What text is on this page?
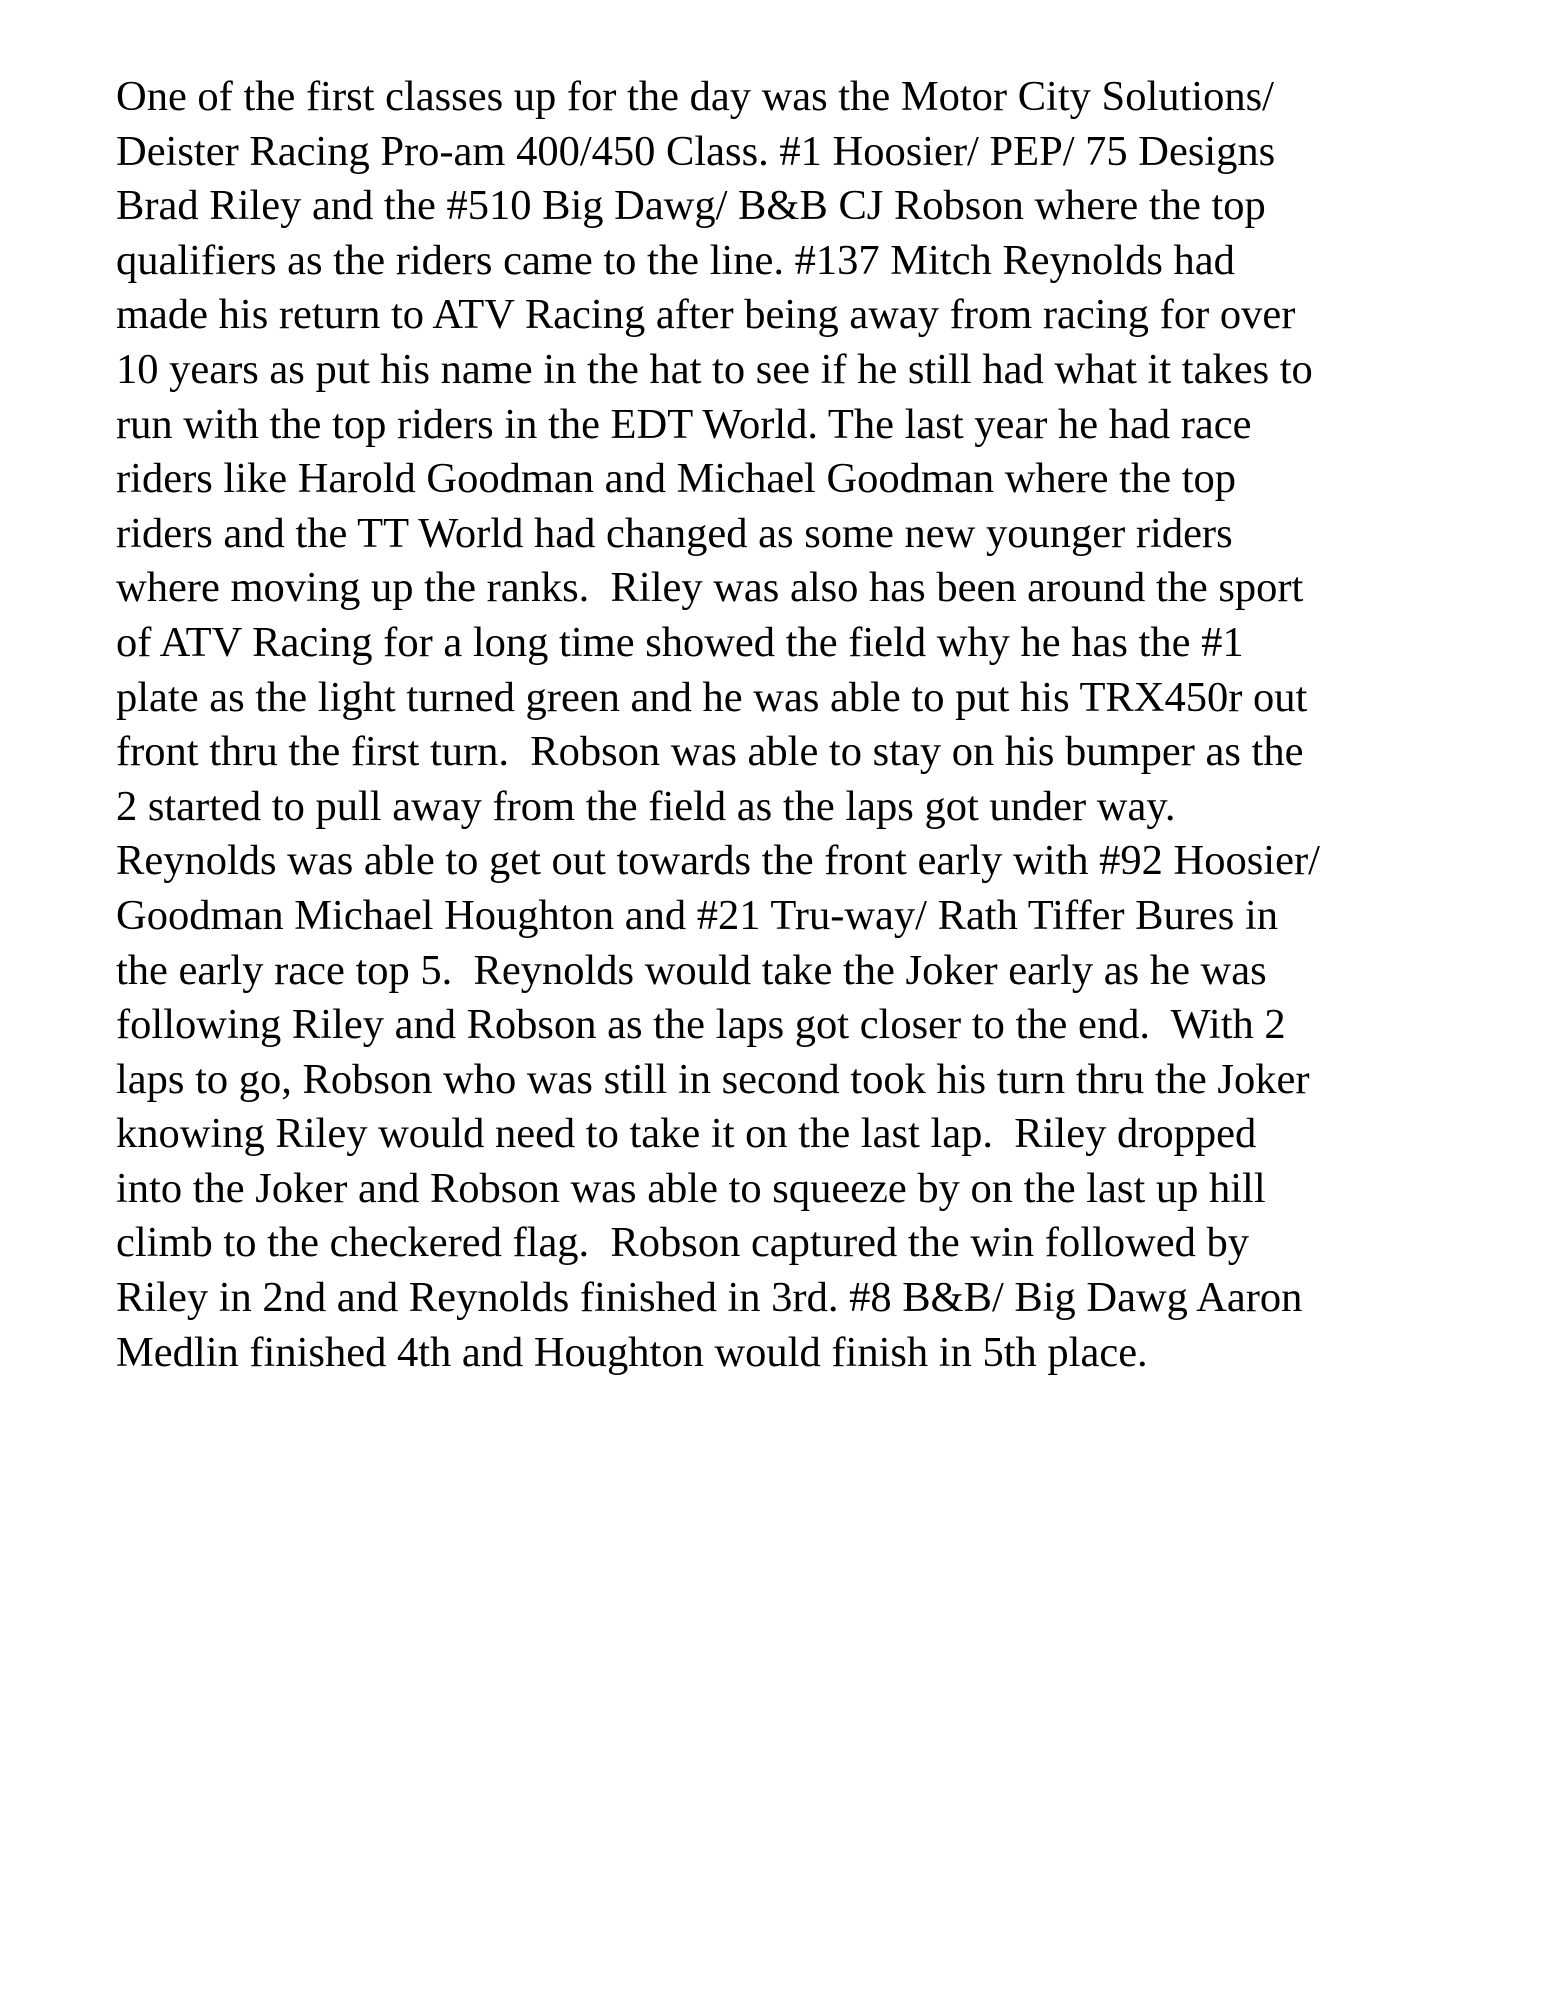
One of the first classes up for the day was the Motor City Solutions/
Deister Racing Pro-am 400/450 Class. #1 Hoosier/ PEP/ 75 Designs
Brad Riley and the #510 Big Dawg/ B&B CJ Robson where the top
qualifiers as the riders came to the line. #137 Mitch Reynolds had
made his return to ATV Racing after being away from racing for over
10 years as put his name in the hat to see if he still had what it takes to
run with the top riders in the EDT World. The last year he had race
riders like Harold Goodman and Michael Goodman where the top
riders and the TT World had changed as some new younger riders
where moving up the ranks.  Riley was also has been around the sport
of ATV Racing for a long time showed the field why he has the #1
plate as the light turned green and he was able to put his TRX450r out
front thru the first turn.  Robson was able to stay on his bumper as the
2 started to pull away from the field as the laps got under way.
Reynolds was able to get out towards the front early with #92 Hoosier/
Goodman Michael Houghton and #21 Tru-way/ Rath Tiffer Bures in
the early race top 5.  Reynolds would take the Joker early as he was
following Riley and Robson as the laps got closer to the end.  With 2
laps to go, Robson who was still in second took his turn thru the Joker
knowing Riley would need to take it on the last lap.  Riley dropped
into the Joker and Robson was able to squeeze by on the last up hill
climb to the checkered flag.  Robson captured the win followed by
Riley in 2nd and Reynolds finished in 3rd. #8 B&B/ Big Dawg Aaron
Medlin finished 4th and Houghton would finish in 5th place.
